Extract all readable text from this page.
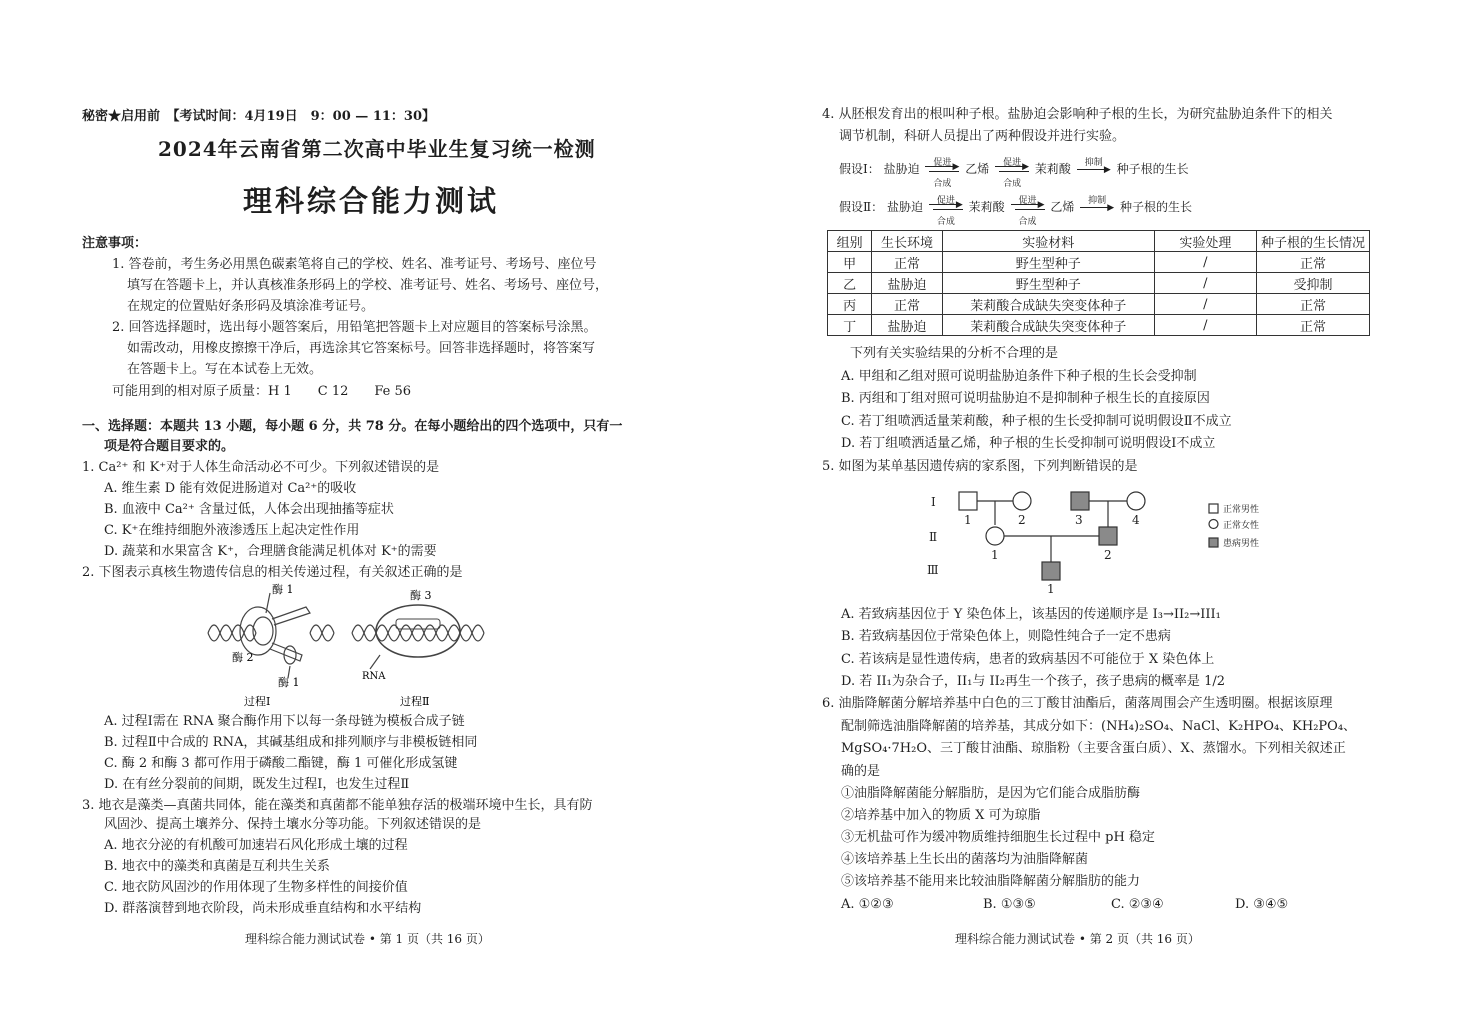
秘密★启用前　【考试时间：4月19日　9：00 — 11：30】
2024年云南省第二次高中毕业生复习统一检测
理科综合能力测试
注意事项：
1. 答卷前，考生务必用黑色碳素笔将自己的学校、姓名、准考证号、考场号、座位号
填写在答题卡上，并认真核准条形码上的学校、准考证号、姓名、考场号、座位号，
在规定的位置贴好条形码及填涂准考证号。
2. 回答选择题时，选出每小题答案后，用铅笔把答题卡上对应题目的答案标号涂黑。
如需改动，用橡皮擦擦干净后，再选涂其它答案标号。回答非选择题时，将答案写
在答题卡上。写在本试卷上无效。
可能用到的相对原子质量：H 1　　C 12　　Fe 56
一、选择题：本题共 13 小题，每小题 6 分，共 78 分。在每小题给出的四个选项中，只有一
项是符合题目要求的。
1. Ca²⁺ 和 K⁺对于人体生命活动必不可少。下列叙述错误的是
A. 维生素 D 能有效促进肠道对 Ca²⁺的吸收
B. 血液中 Ca²⁺ 含量过低，人体会出现抽搐等症状
C. K⁺在维持细胞外液渗透压上起决定性作用
D. 蔬菜和水果富含 K⁺，合理膳食能满足机体对 K⁺的需要
2. 下图表示真核生物遗传信息的相关传递过程，有关叙述正确的是
酶 1
酶 2
酶 1
酶 3
RNA
过程Ⅰ	过程Ⅱ
A. 过程Ⅰ需在 RNA 聚合酶作用下以每一条母链为模板合成子链
B. 过程Ⅱ中合成的 RNA，其碱基组成和排列顺序与非模板链相同
C. 酶 2 和酶 3 都可作用于磷酸二酯键，酶 1 可催化形成氢键
D. 在有丝分裂前的间期，既发生过程Ⅰ，也发生过程Ⅱ
3. 地衣是藻类—真菌共同体，能在藻类和真菌都不能单独存活的极端环境中生长，具有防
风固沙、提高土壤养分、保持土壤水分等功能。下列叙述错误的是
A. 地衣分泌的有机酸可加速岩石风化形成土壤的过程
B. 地衣中的藻类和真菌是互利共生关系
C. 地衣防风固沙的作用体现了生物多样性的间接价值
D. 群落演替到地衣阶段，尚未形成垂直结构和水平结构
理科综合能力测试试卷 • 第 1 页（共 16 页）
4. 从胚根发育出的根叫种子根。盐胁迫会影响种子根的生长，为研究盐胁迫条件下的相关
调节机制，科研人员提出了两种假设并进行实验。
假设Ⅰ： 盐胁迫	促进 ▶
合成
乙烯	促进 ▶
合成
茉莉酸	抑制
▶ 种子根的生长
假设Ⅱ： 盐胁迫	促进 ▶
合成
茉莉酸	促进 ▶
合成
乙烯	抑制
▶ 种子根的生长
组别	生长环境	实验材料	实验处理	种子根的生长情况
甲	正常	野生型种子	/	正常
乙	盐胁迫	野生型种子	/	受抑制
丙	正常	茉莉酸合成缺失突变体种子	/	正常
丁	盐胁迫	茉莉酸合成缺失突变体种子	/	正常
下列有关实验结果的分析不合理的是
A. 甲组和乙组对照可说明盐胁迫条件下种子根的生长会受抑制
B. 丙组和丁组对照可说明盐胁迫不是抑制种子根生长的直接原因
C. 若丁组喷洒适量茉莉酸，种子根的生长受抑制可说明假设Ⅱ不成立
D. 若丁组喷洒适量乙烯，种子根的生长受抑制可说明假设Ⅰ不成立
5. 如图为某单基因遗传病的家系图，下列判断错误的是
Ⅰ
Ⅱ
Ⅲ
1	2	3	4
1	2
1
正常男性
正常女性
患病男性
A. 若致病基因位于 Y 染色体上，该基因的传递顺序是 I₃→II₂→III₁
B. 若致病基因位于常染色体上，则隐性纯合子一定不患病
C. 若该病是显性遗传病，患者的致病基因不可能位于 X 染色体上
D. 若 II₁为杂合子，II₁与 II₂再生一个孩子，孩子患病的概率是 1/2
6. 油脂降解菌分解培养基中白色的三丁酸甘油酯后，菌落周围会产生透明圈。根据该原理
配制筛选油脂降解菌的培养基，其成分如下：(NH₄)₂SO₄、NaCl、K₂HPO₄、KH₂PO₄、
MgSO₄·7H₂O、三丁酸甘油酯、琼脂粉（主要含蛋白质）、X、蒸馏水。下列相关叙述正
确的是
①油脂降解菌能分解脂肪，是因为它们能合成脂肪酶
②培养基中加入的物质 X 可为琼脂
③无机盐可作为缓冲物质维持细胞生长过程中 pH 稳定
④该培养基上生长出的菌落均为油脂降解菌
⑤该培养基不能用来比较油脂降解菌分解脂肪的能力
A. ①②③	B. ①③⑤	C. ②③④	D. ③④⑤
理科综合能力测试试卷 • 第 2 页（共 16 页）
